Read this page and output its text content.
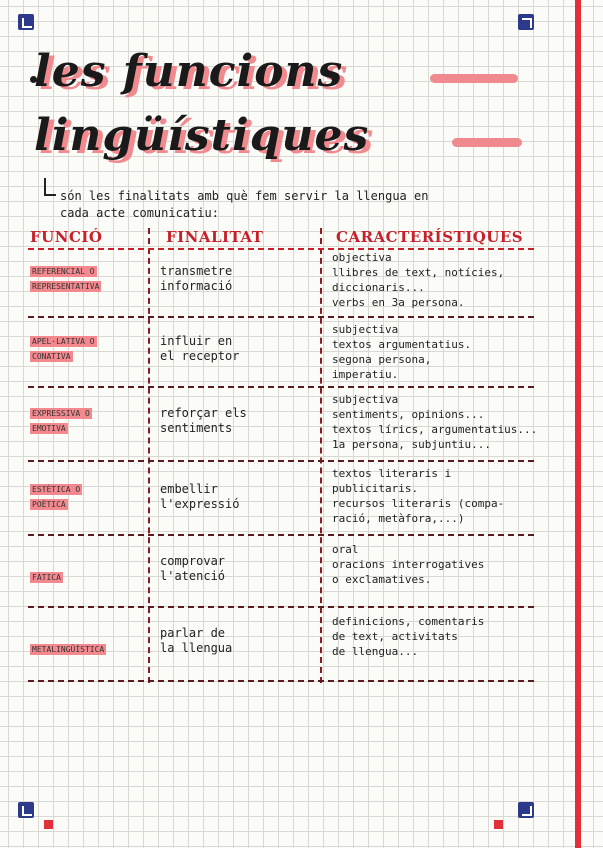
les funcions
lingüístiques
són les finalitats amb què fem servir la llengua en
cada acte comunicatiu:
FUNCIÓ	FINALITAT	CARACTERÍSTIQUES
REFERENCIAL O
REPRESENTATIVA
transmetre
informació
objectiva
llibres de text, notícies,
diccionaris...
verbs en 3a persona.
APEL·LATIVA O
CONATIVA
influir en
el receptor
subjectiva
textos argumentatius.
segona persona,
imperatiu.
EXPRESSIVA O
EMOTIVA
reforçar els
sentiments
subjectiva
sentiments, opinions...
textos lírics, argumentatius...
1a persona, subjuntiu...
ESTÈTICA O
POÈTICA
embellir
l'expressió
textos literaris i
publicitaris.
recursos literaris (compa-
ració, metàfora,...)
FÀTICA
comprovar
l'atenció
oral
oracions interrogatives
o exclamatives.
METALINGÜÍSTICA
parlar de
la llengua
definicions, comentaris
de text, activitats
de llengua...
